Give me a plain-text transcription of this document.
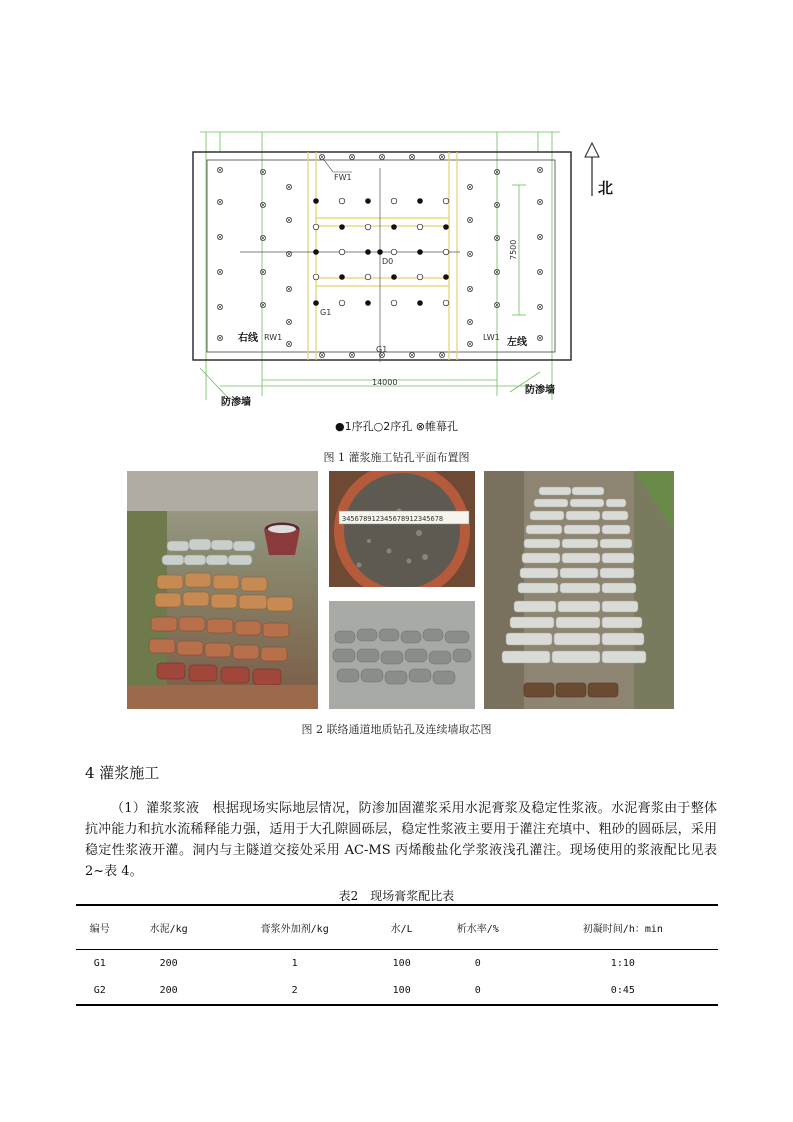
7500
14000
FW1
D0
G1
G1
RW1	LW1
右线	左线
防渗墙
防渗墙
北
●1序孔○2序孔 ⊗帷幕孔
图 1 灌浆施工钻孔平面布置图
345678912345678912345678
图 2 联络通道地质钻孔及连续墙取芯图
4 灌浆施工

（1）灌浆浆液　根据现场实际地层情况，防渗加固灌浆采用水泥膏浆及稳定性浆液。水泥膏浆由于整体抗冲能力和抗水流稀释能力强，适用于大孔隙圆砾层，稳定性浆液主要用于灌注充填中、粗砂的圆砾层，采用稳定性浆液开灌。洞内与主隧道交接处采用 AC-MS 丙烯酸盐化学浆液浅孔灌注。现场使用的浆液配比见表 2~表 4。

表2　现场膏浆配比表
编号	水泥/kg	膏浆外加剂/kg	水/L	析水率/%	初凝时间/h：min
G1	200	1	100	0	1:10
G2	200	2	100	0	0:45
